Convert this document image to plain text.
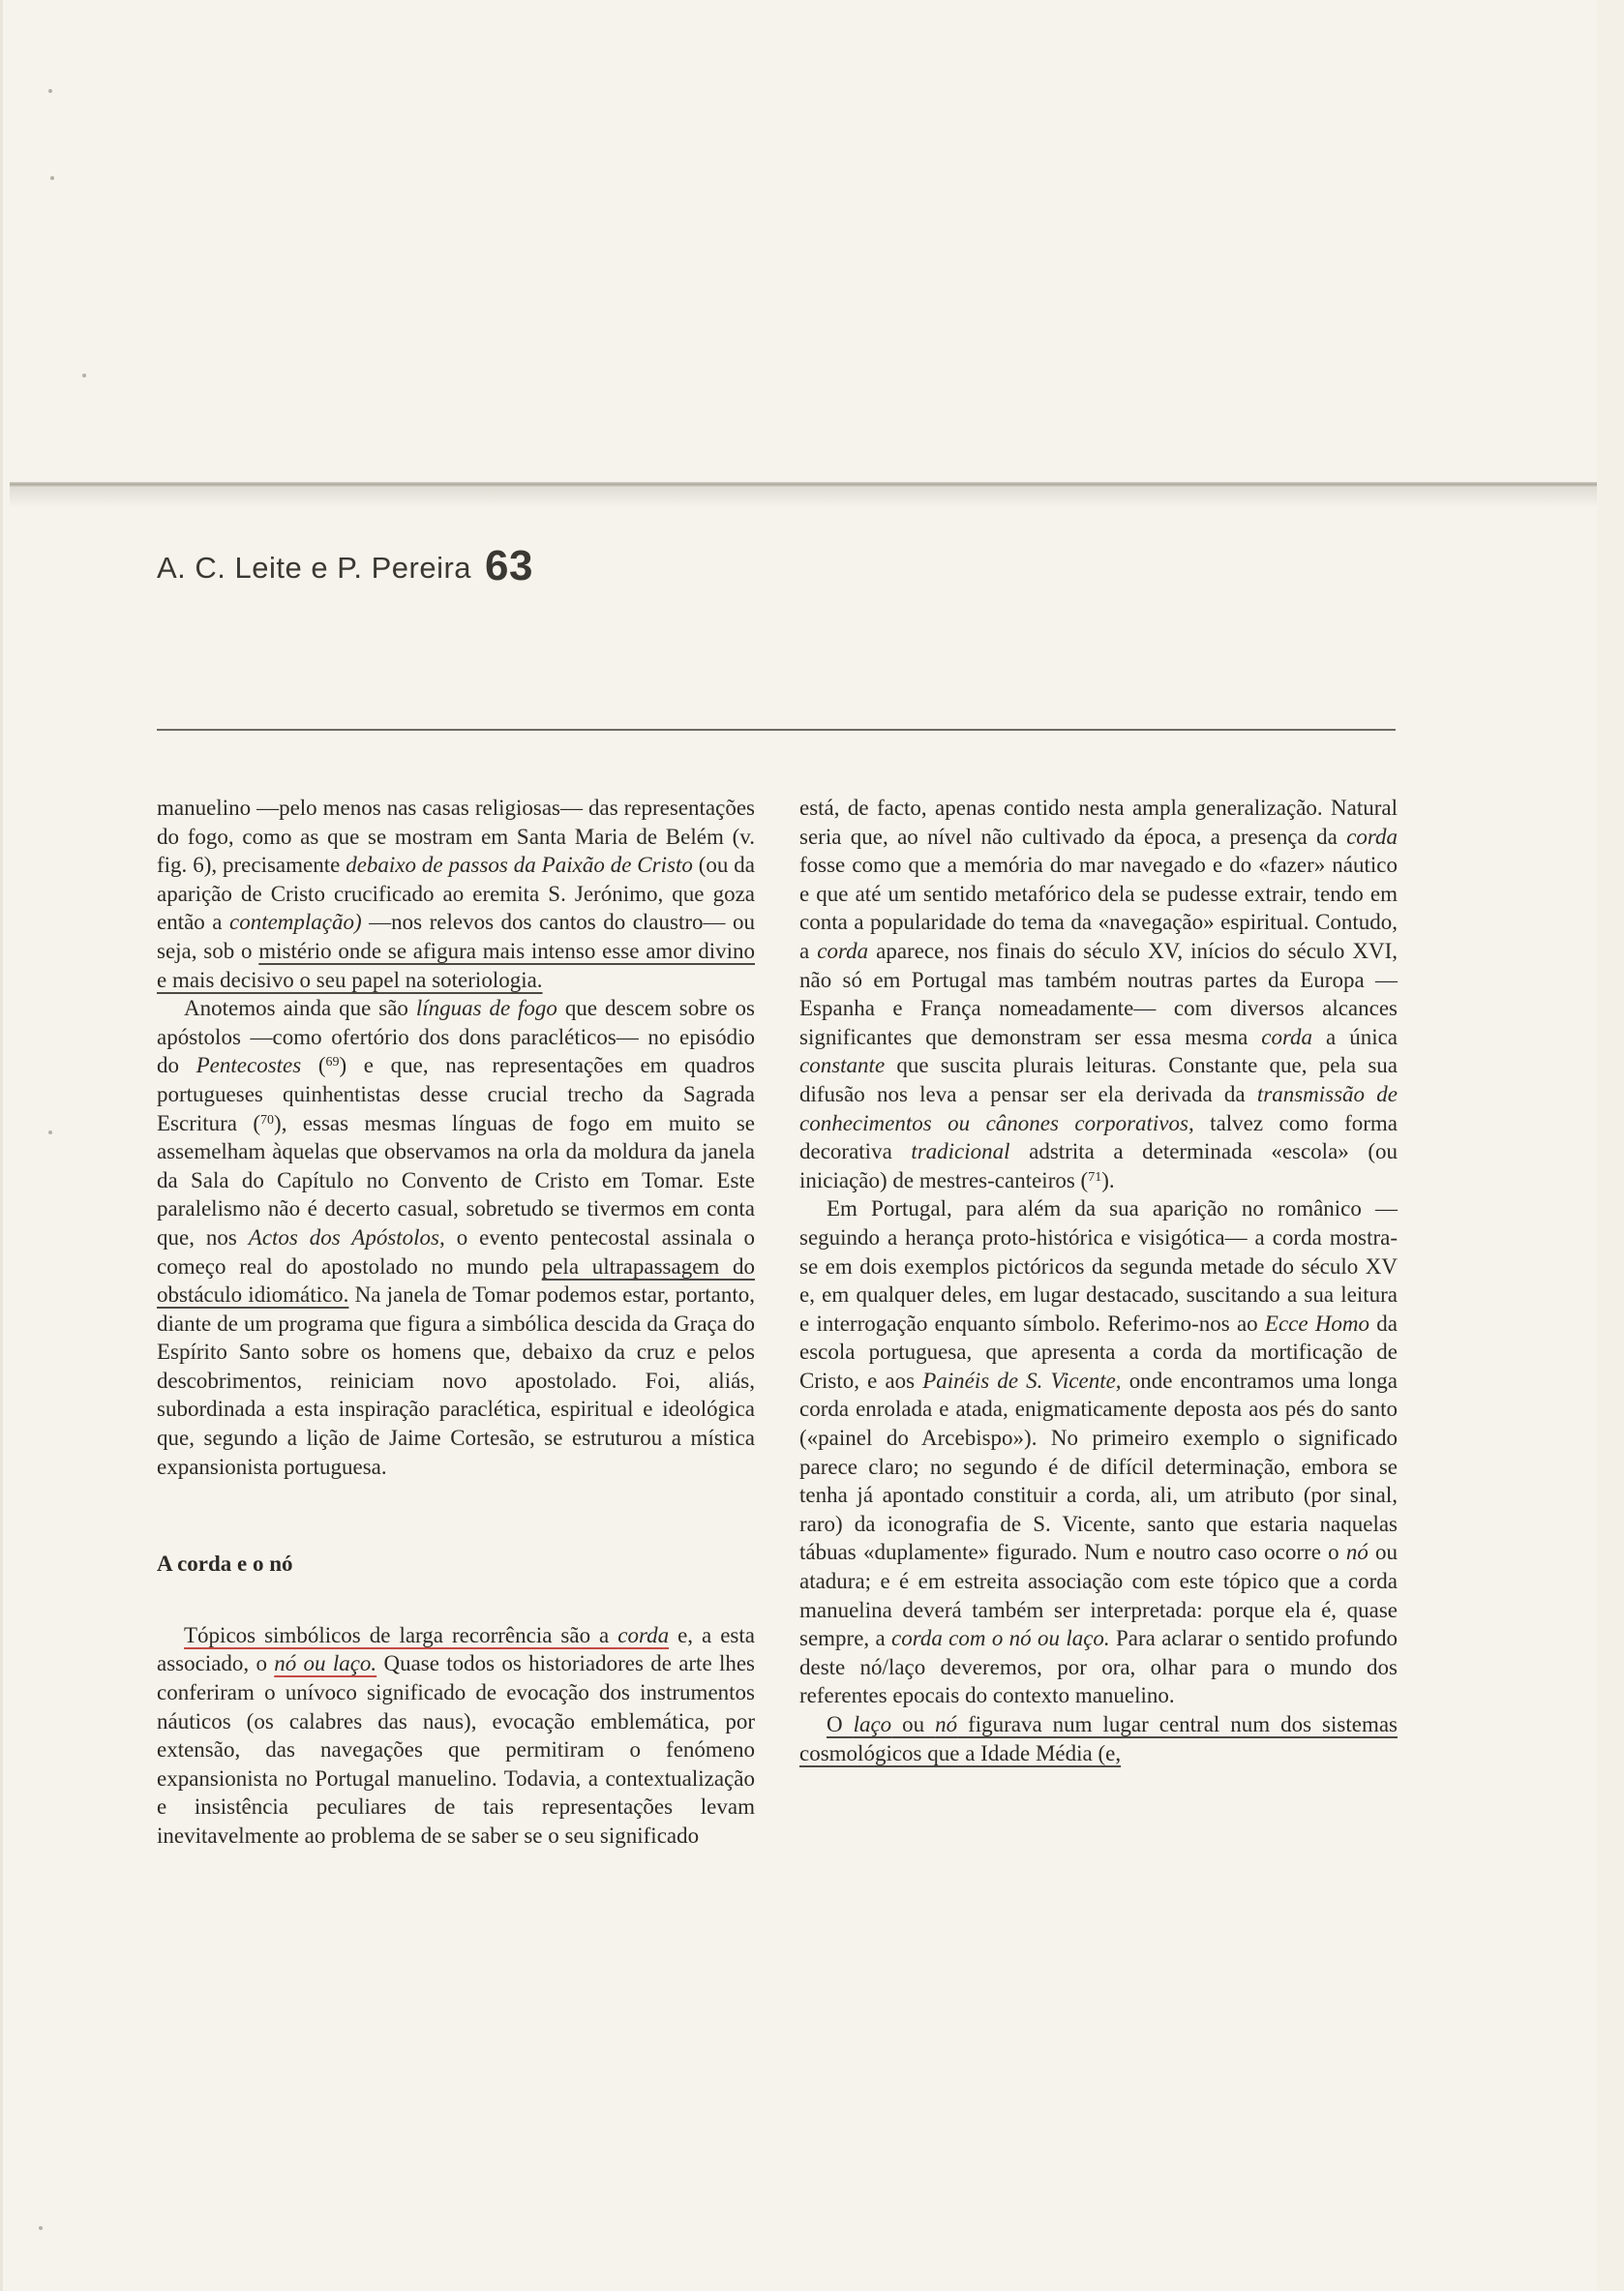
A. C. Leite e P. Pereira 63

manuelino —pelo menos nas casas religiosas— das representações do fogo, como as que se mostram em Santa Maria de Belém (v. fig. 6), precisamente debaixo de passos da Paixão de Cristo (ou da aparição de Cristo crucificado ao eremita S. Jerónimo, que goza então a contemplação) —nos relevos dos cantos do claustro— ou seja, sob o mistério onde se afigura mais intenso esse amor divino e mais decisivo o seu papel na soteriologia.

Anotemos ainda que são línguas de fogo que descem sobre os apóstolos —como ofertório dos dons paracléticos— no episódio do Pentecostes ($^{69}$) e que, nas representações em quadros portugueses quinhentistas desse crucial trecho da Sagrada Escritura ($^{70}$), essas mesmas línguas de fogo em muito se assemelham àquelas que observamos na orla da moldura da janela da Sala do Capítulo no Convento de Cristo em Tomar. Este paralelismo não é decerto casual, sobretudo se tivermos em conta que, nos Actos dos Apóstolos, o evento pentecostal assinala o começo real do apostolado no mundo pela ultrapassagem do obstáculo idiomático. Na janela de Tomar podemos estar, portanto, diante de um programa que figura a simbólica descida da Graça do Espírito Santo sobre os homens que, debaixo da cruz e pelos descobrimentos, reiniciam novo apostolado. Foi, aliás, subordinada a esta inspiração paraclética, espiritual e ideológica que, segundo a lição de Jaime Cortesão, se estruturou a mística expansionista portuguesa.

A corda e o nó

Tópicos simbólicos de larga recorrência são a corda e, a esta associado, o nó ou laço. Quase todos os historiadores de arte lhes conferiram o unívoco significado de evocação dos instrumentos náuticos (os calabres das naus), evocação emblemática, por extensão, das navegações que permitiram o fenómeno expansionista no Portugal manuelino. Todavia, a contextualização e insistência peculiares de tais representações levam inevitavelmente ao problema de se saber se o seu significado

está, de facto, apenas contido nesta ampla generalização. Natural seria que, ao nível não cultivado da época, a presença da corda fosse como que a memória do mar navegado e do «fazer» náutico e que até um sentido metafórico dela se pudesse extrair, tendo em conta a popularidade do tema da «navegação» espiritual. Contudo, a corda aparece, nos finais do século XV, inícios do século XVI, não só em Portugal mas também noutras partes da Europa —Espanha e França nomeadamente— com diversos alcances significantes que demonstram ser essa mesma corda a única constante que suscita plurais leituras. Constante que, pela sua difusão nos leva a pensar ser ela derivada da transmissão de conhecimentos ou cânones corporativos, talvez como forma decorativa tradicional adstrita a determinada «escola» (ou iniciação) de mestres-canteiros ($^{71}$).

Em Portugal, para além da sua aparição no românico —seguindo a herança proto-histórica e visigótica— a corda mostra-se em dois exemplos pictóricos da segunda metade do século XV e, em qualquer deles, em lugar destacado, suscitando a sua leitura e interrogação enquanto símbolo. Referimo-nos ao Ecce Homo da escola portuguesa, que apresenta a corda da mortificação de Cristo, e aos Painéis de S. Vicente, onde encontramos uma longa corda enrolada e atada, enigmaticamente deposta aos pés do santo («painel do Arcebispo»). No primeiro exemplo o significado parece claro; no segundo é de difícil determinação, embora se tenha já apontado constituir a corda, ali, um atributo (por sinal, raro) da iconografia de S. Vicente, santo que estaria naquelas tábuas «duplamente» figurado. Num e noutro caso ocorre o nó ou atadura; e é em estreita associação com este tópico que a corda manuelina deverá também ser interpretada: porque ela é, quase sempre, a corda com o nó ou laço. Para aclarar o sentido profundo deste nó/laço deveremos, por ora, olhar para o mundo dos referentes epocais do contexto manuelino.

O laço ou nó figurava num lugar central num dos sistemas cosmológicos que a Idade Média (e,
